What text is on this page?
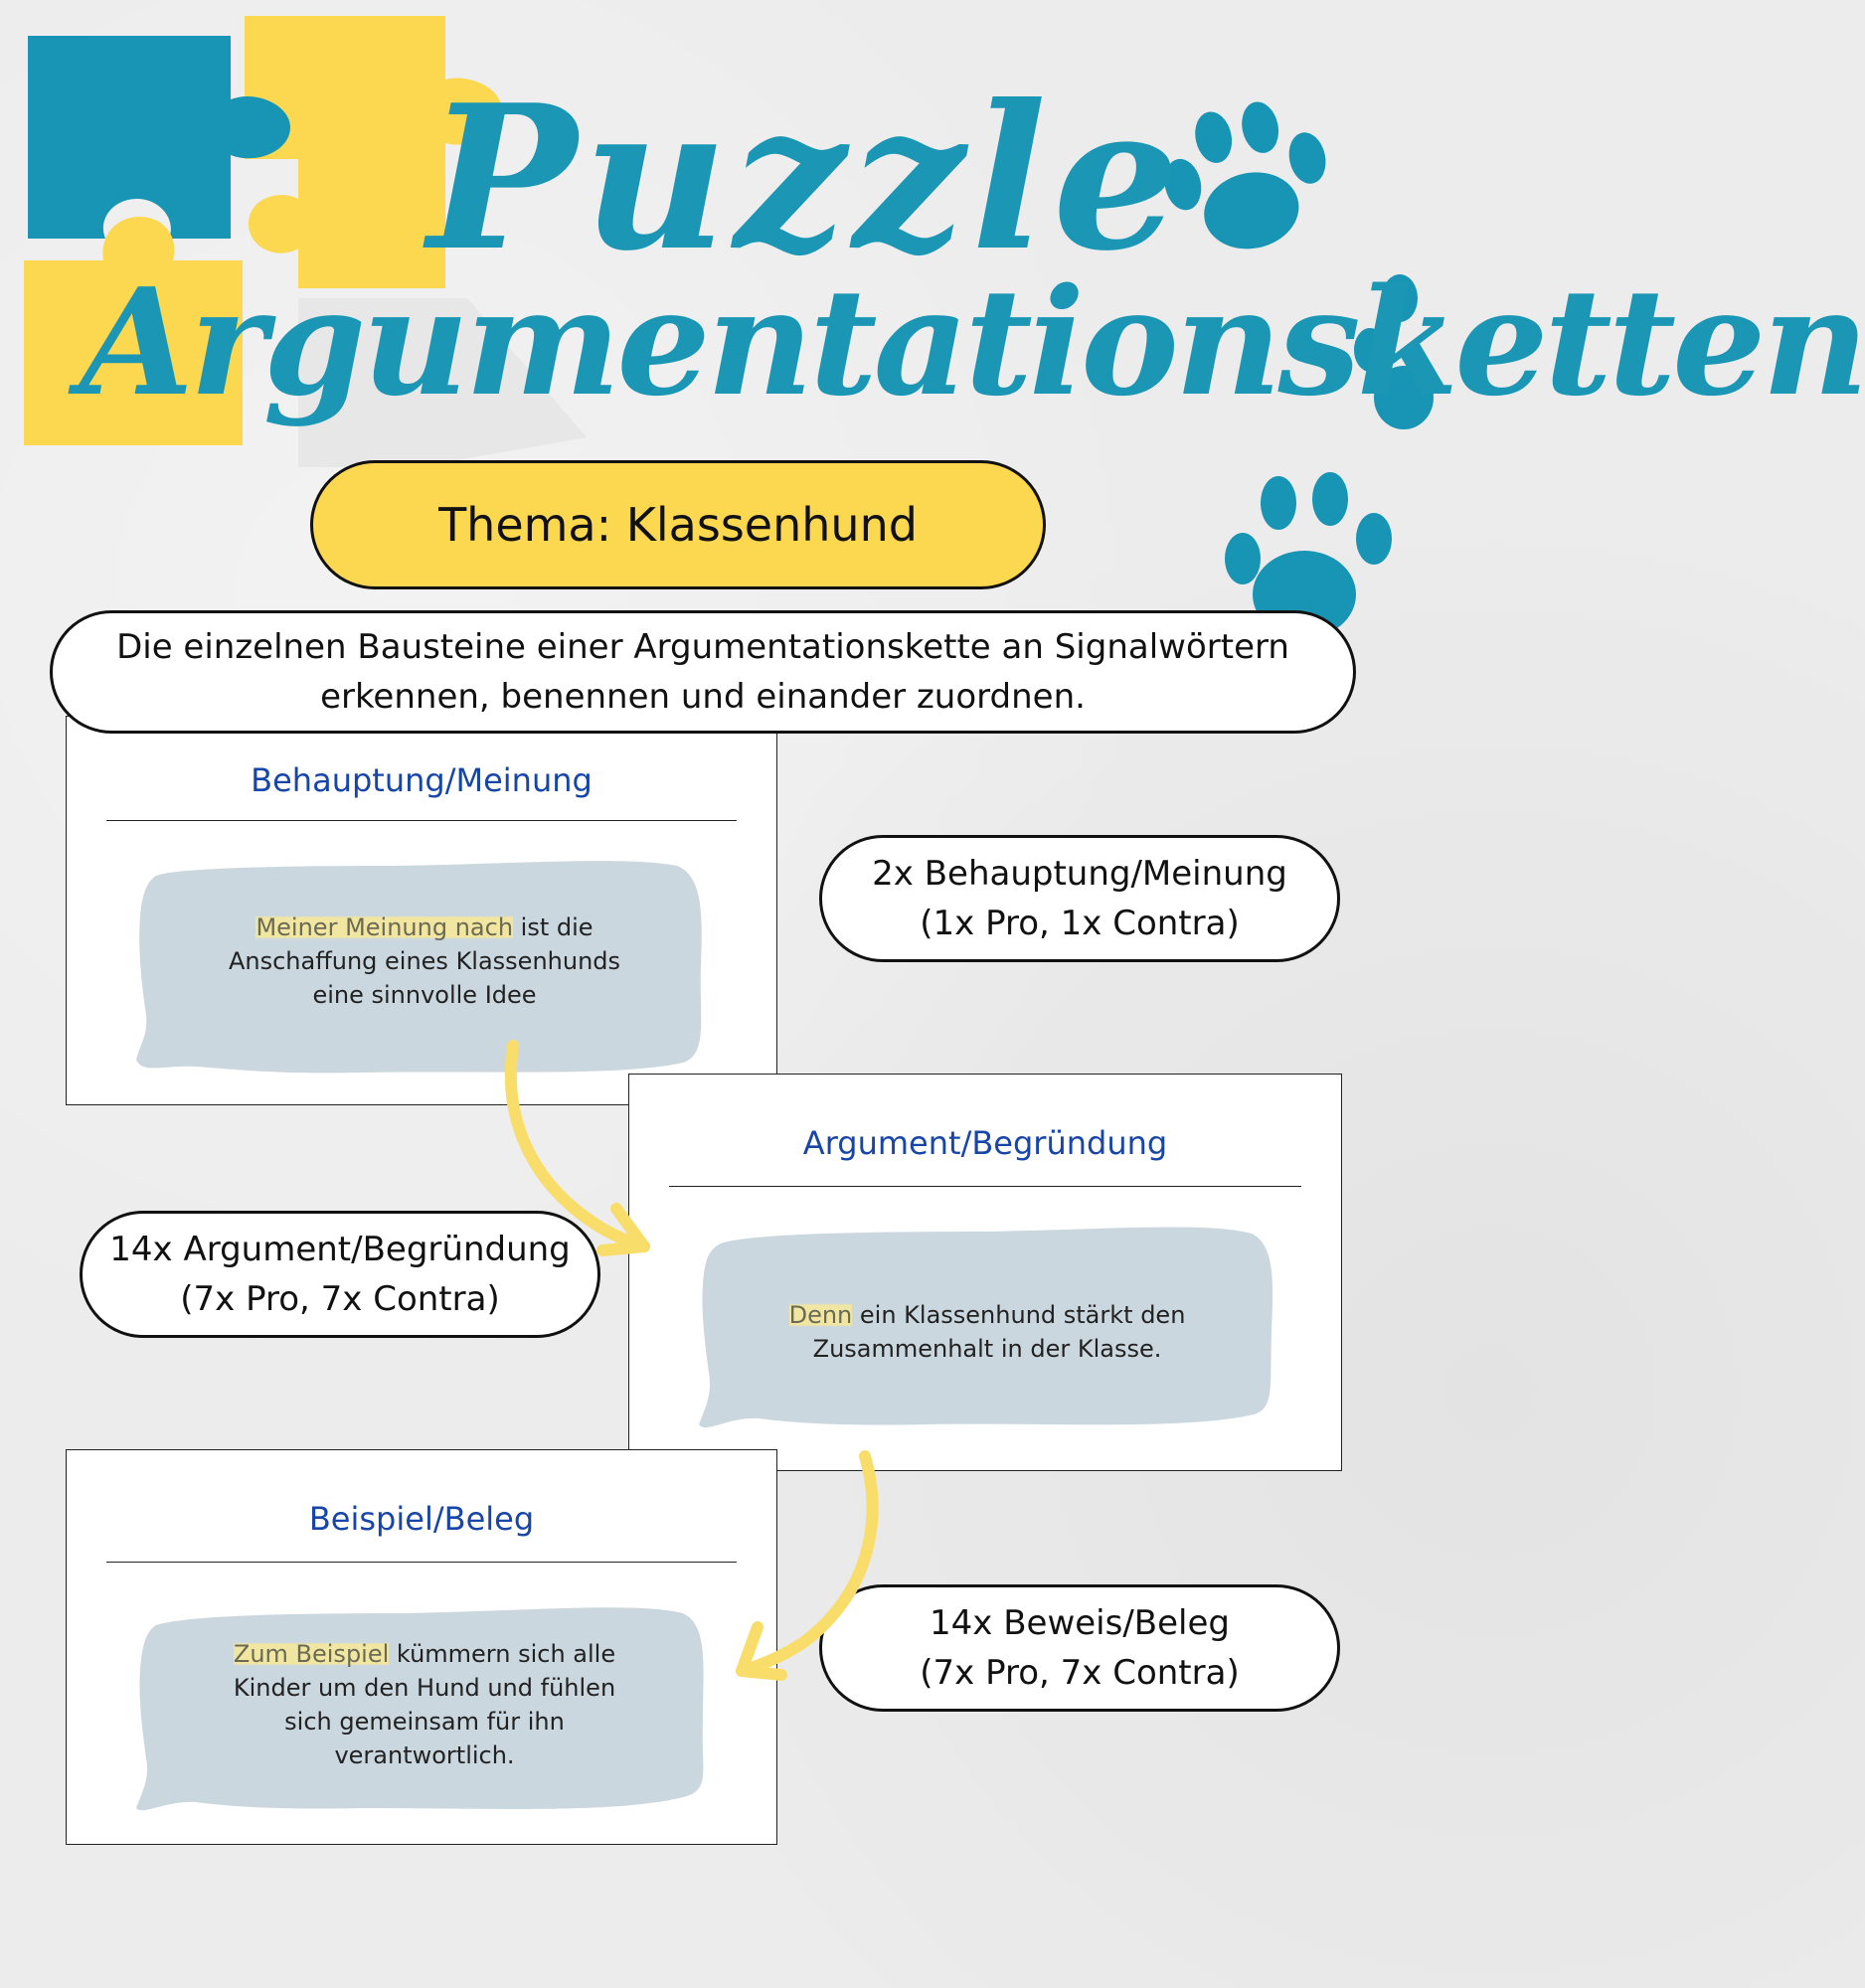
Puzzle
Argumentationsketten
Thema: Klassenhund
Behauptung/Meinung
Meiner Meinung nach ist die
Anschaffung eines Klassenhunds
eine sinnvolle Idee
Argument/Begründung
Denn ein Klassenhund stärkt den
Zusammenhalt in der Klasse.
Beispiel/Beleg
Zum Beispiel kümmern sich alle
Kinder um den Hund und fühlen
sich gemeinsam für ihn
verantwortlich.
Die einzelnen Bausteine einer Argumentationskette an Signalwörtern
erkennen, benennen und einander zuordnen.
2x Behauptung/Meinung
(1x Pro, 1x Contra)
14x Argument/Begründung
(7x Pro, 7x Contra)
14x Beweis/Beleg
(7x Pro, 7x Contra)
